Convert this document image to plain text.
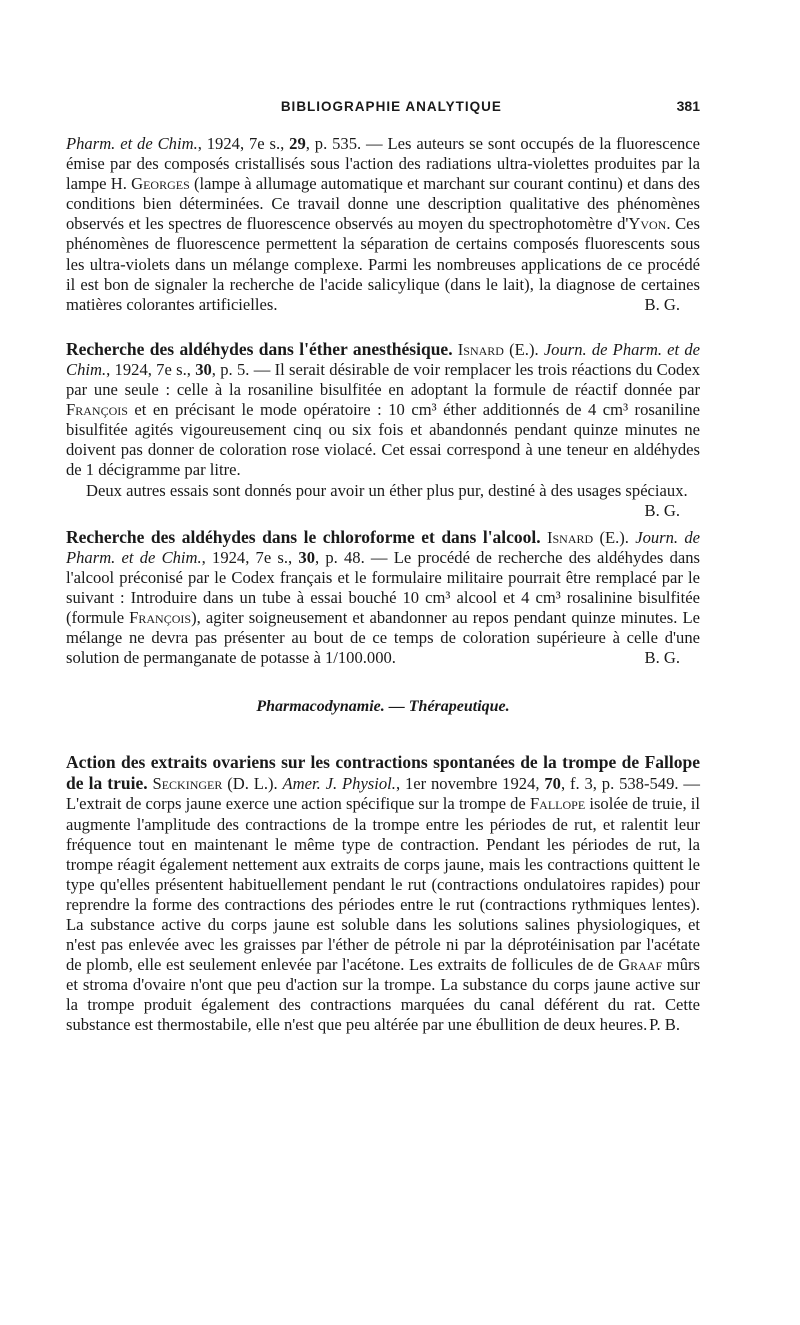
BIBLIOGRAPHIE ANALYTIQUE	381

Pharm. et de Chim., 1924, 7e s., 29, p. 535. — Les auteurs se sont occupés de la fluorescence émise par des composés cristallisés sous l'action des radiations ultra-violettes produites par la lampe H. Georges (lampe à allumage automatique et marchant sur courant continu) et dans des conditions bien déterminées. Ce travail donne une description qualitative des phénomènes observés et les spectres de fluorescence observés au moyen du spectrophotomètre d'Yvon. Ces phénomènes de fluorescence permettent la séparation de certains composés fluorescents sous les ultra-violets dans un mélange complexe. Parmi les nombreuses applications de ce procédé il est bon de signaler la recherche de l'acide salicylique (dans le lait), la diagnose de certaines matières colorantes artificielles.	B. G.

Recherche des aldéhydes dans l'éther anesthésique. Isnard (E.). Journ. de Pharm. et de Chim., 1924, 7e s., 30, p. 5. — Il serait désirable de voir remplacer les trois réactions du Codex par une seule : celle à la rosaniline bisulfitée en adoptant la formule de réactif donnée par François et en précisant le mode opératoire : 10 cm³ éther additionnés de 4 cm³ rosaniline bisulfitée agités vigoureusement cinq ou six fois et abandonnés pendant quinze minutes ne doivent pas donner de coloration rose violacé. Cet essai correspond à une teneur en aldéhydes de 1 décigramme par litre.

Deux autres essais sont donnés pour avoir un éther plus pur, destiné à des usages spéciaux.
B. G.

Recherche des aldéhydes dans le chloroforme et dans l'alcool. Isnard (E.). Journ. de Pharm. et de Chim., 1924, 7e s., 30, p. 48. — Le procédé de recherche des aldéhydes dans l'alcool préconisé par le Codex français et le formulaire militaire pourrait être remplacé par le suivant : Introduire dans un tube à essai bouché 10 cm³ alcool et 4 cm³ rosalinine bisulfitée (formule François), agiter soigneusement et abandonner au repos pendant quinze minutes. Le mélange ne devra pas présenter au bout de ce temps de coloration supérieure à celle d'une solution de permanganate de potasse à 1/100.000.	B. G.

Pharmacodynamie. — Thérapeutique.

Action des extraits ovariens sur les contractions spontanées de la trompe de Fallope de la truie. Seckinger (D. L.). Amer. J. Physiol., 1er novembre 1924, 70, f. 3, p. 538-549. — L'extrait de corps jaune exerce une action spécifique sur la trompe de Fallope isolée de truie, il augmente l'amplitude des contractions de la trompe entre les périodes de rut, et ralentit leur fréquence tout en maintenant le même type de contraction. Pendant les périodes de rut, la trompe réagit également nettement aux extraits de corps jaune, mais les contractions quittent le type qu'elles présentent habituellement pendant le rut (contractions ondulatoires rapides) pour reprendre la forme des contractions des périodes entre le rut (contractions rythmiques lentes). La substance active du corps jaune est soluble dans les solutions salines physiologiques, et n'est pas enlevée avec les graisses par l'éther de pétrole ni par la déprotéinisation par l'acétate de plomb, elle est seulement enlevée par l'acétone. Les extraits de follicules de de Graaf mûrs et stroma d'ovaire n'ont que peu d'action sur la trompe. La substance du corps jaune active sur la trompe produit également des contractions marquées du canal déférent du rat. Cette substance est thermostabile, elle n'est que peu altérée par une ébullition de deux heures. P. B.
